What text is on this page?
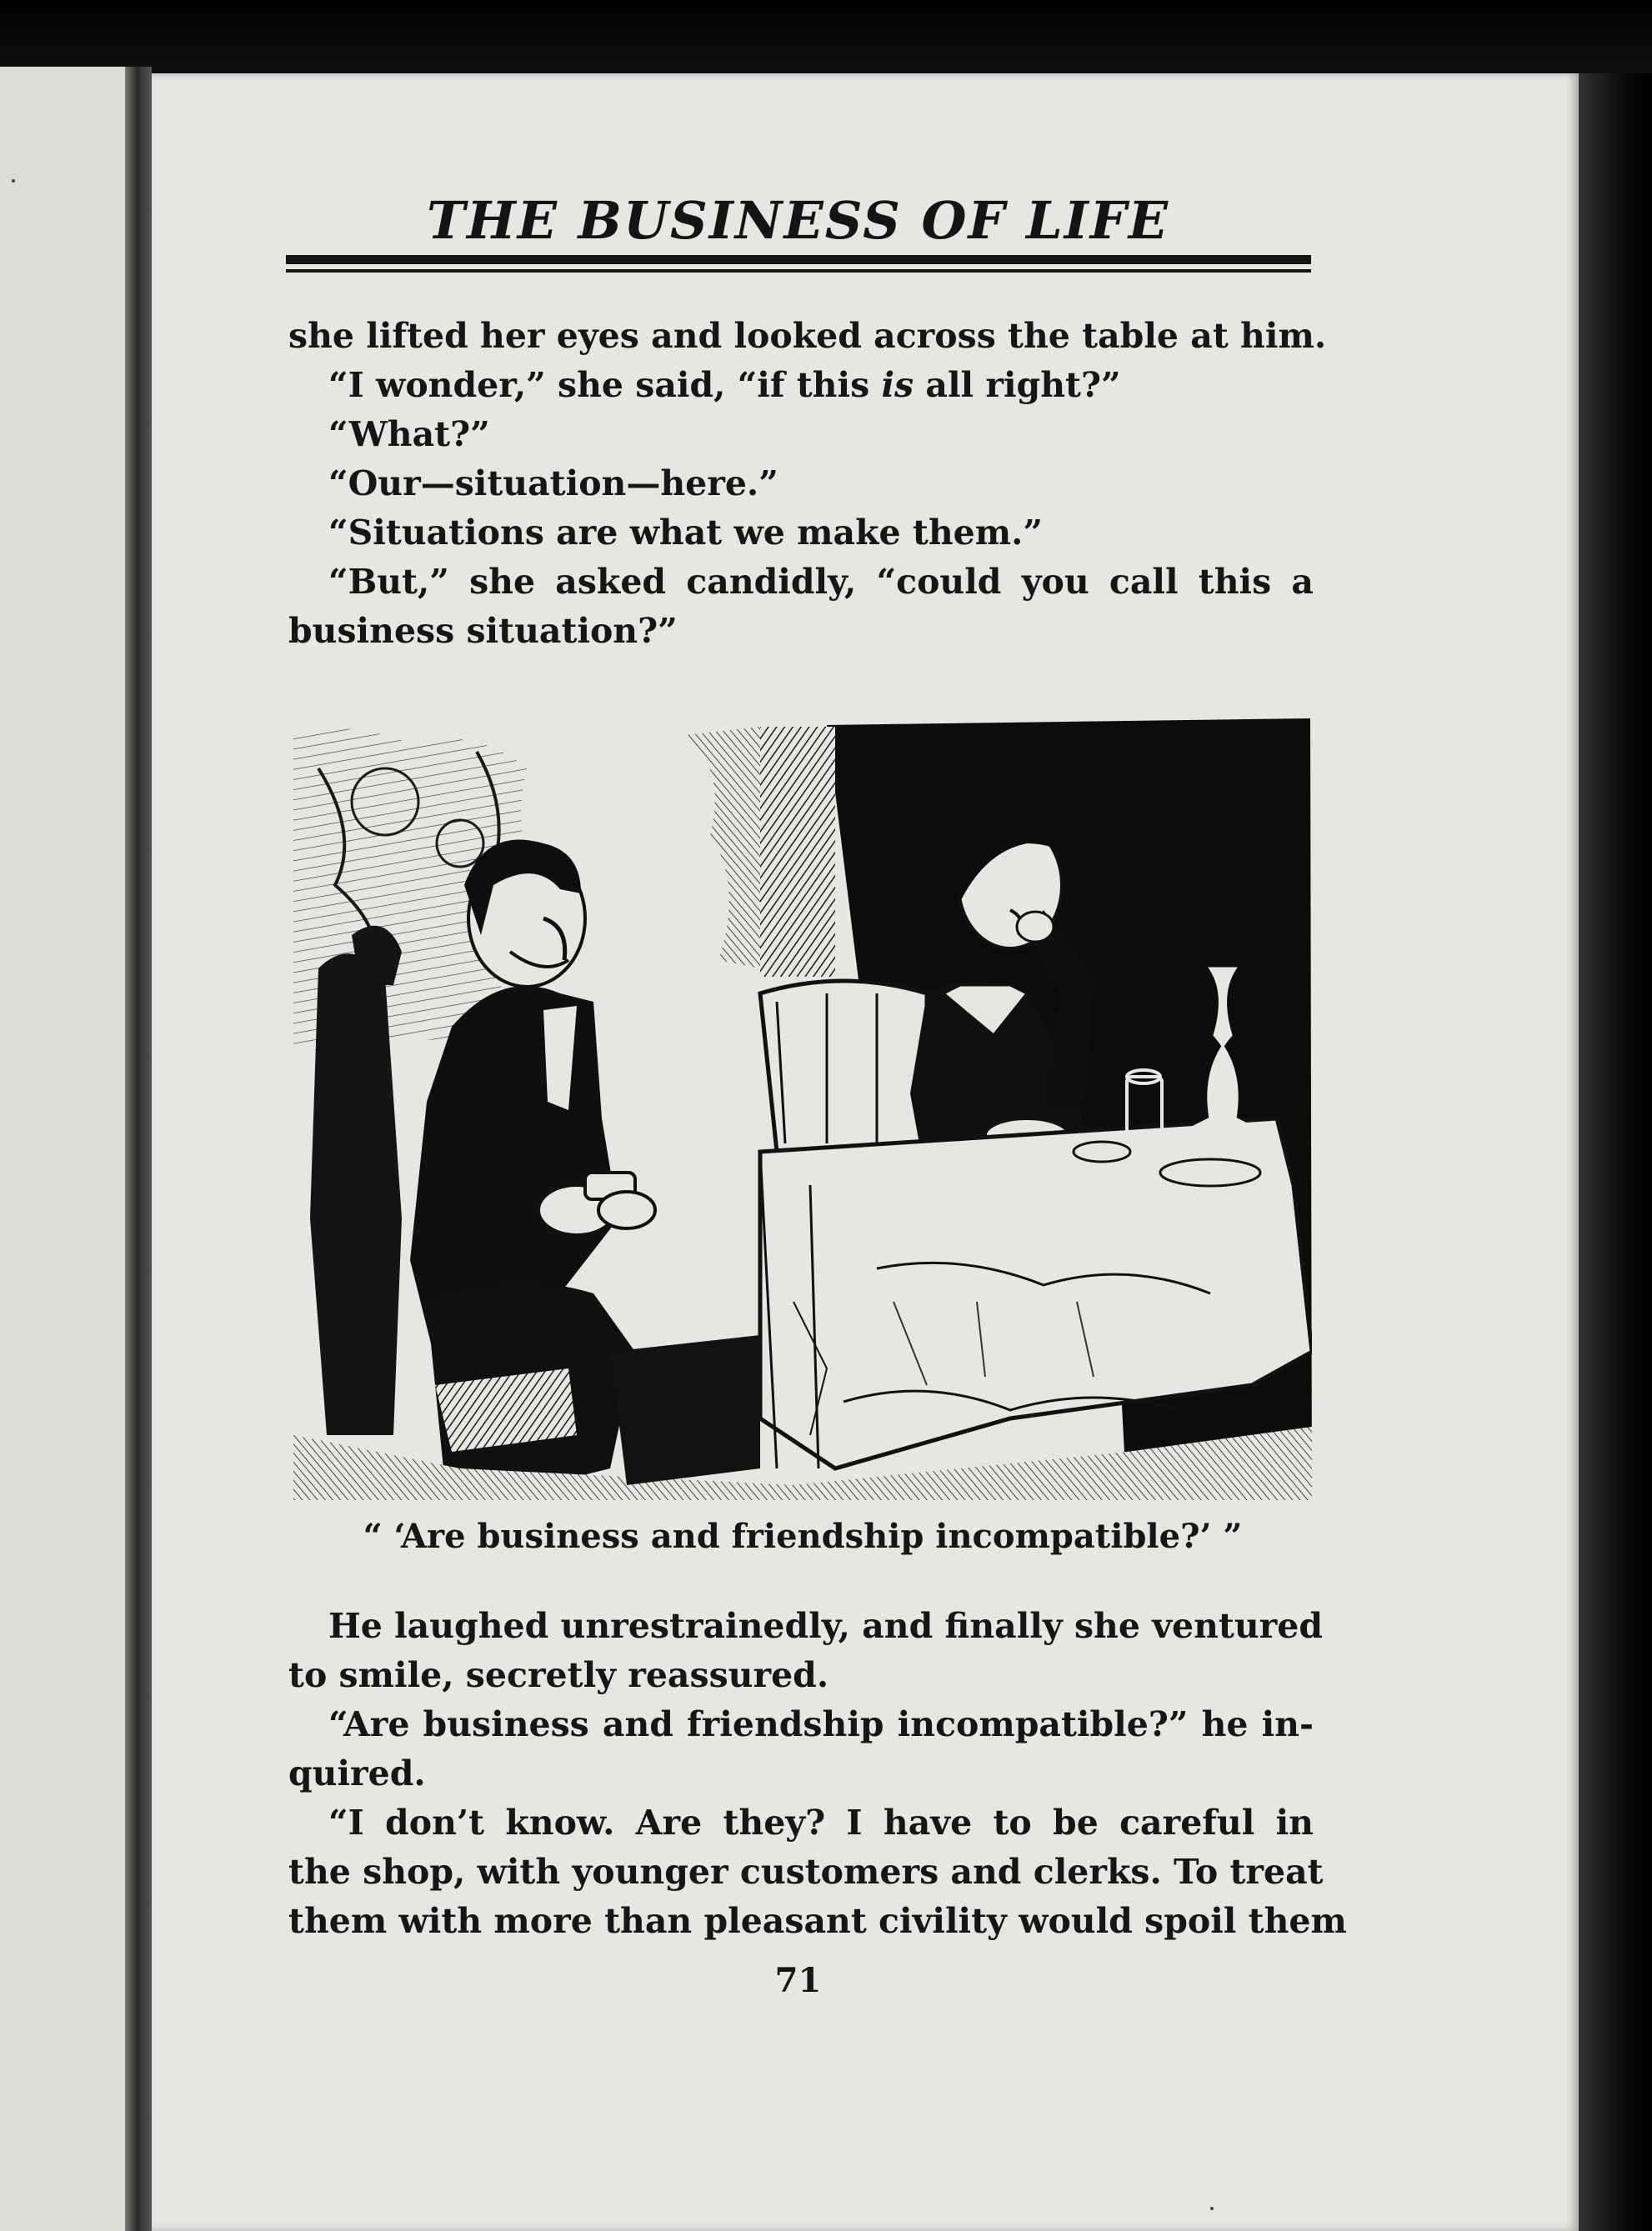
THE BUSINESS OF LIFE
she lifted her eyes and looked across the table at him.
“I wonder,” she said, “if this is all right?”
“What?”
“Our—situation—here.”
“Situations are what we make them.”
“But,” she asked candidly, “could you call this a
business situation?”
“ ‘Are business and friendship incompatible?’ ”
He laughed unrestrainedly, and finally she ventured
to smile, secretly reassured.
“Are business and friendship incompatible?” he in-
quired.
“I don’t know. Are they? I have to be careful in
the shop, with younger customers and clerks. To treat
them with more than pleasant civility would spoil them
71
